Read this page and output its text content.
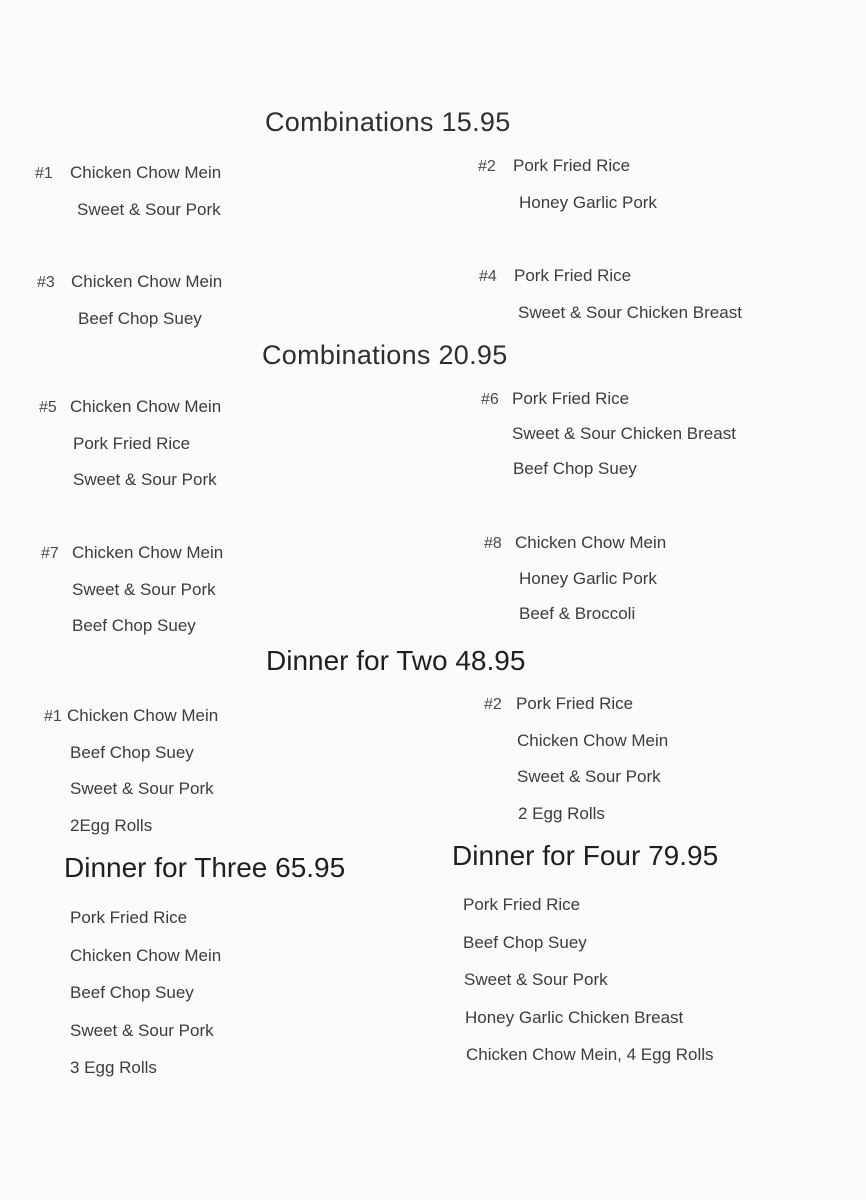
Combinations 15.95
#1 Chicken Chow Mein
Sweet & Sour Pork
#2 Pork Fried Rice
Honey Garlic Pork
#3 Chicken Chow Mein
Beef Chop Suey
#4 Pork Fried Rice
Sweet & Sour Chicken Breast
Combinations 20.95
#5 Chicken Chow Mein
Pork Fried Rice
Sweet & Sour Pork
#6 Pork Fried Rice
Sweet & Sour Chicken Breast
Beef Chop Suey
#7 Chicken Chow Mein
Sweet & Sour Pork
Beef Chop Suey
#8 Chicken Chow Mein
Honey Garlic Pork
Beef & Broccoli
Dinner for Two 48.95
#1 Chicken Chow Mein
Beef Chop Suey
Sweet & Sour Pork
2Egg Rolls
#2 Pork Fried Rice
Chicken Chow Mein
Sweet & Sour Pork
2 Egg Rolls
Dinner for Three 65.95
Pork Fried Rice
Chicken Chow Mein
Beef Chop Suey
Sweet & Sour Pork
3 Egg Rolls
Dinner for Four 79.95
Pork Fried Rice
Beef Chop Suey
Sweet & Sour Pork
Honey Garlic Chicken Breast
Chicken Chow Mein, 4 Egg Rolls
